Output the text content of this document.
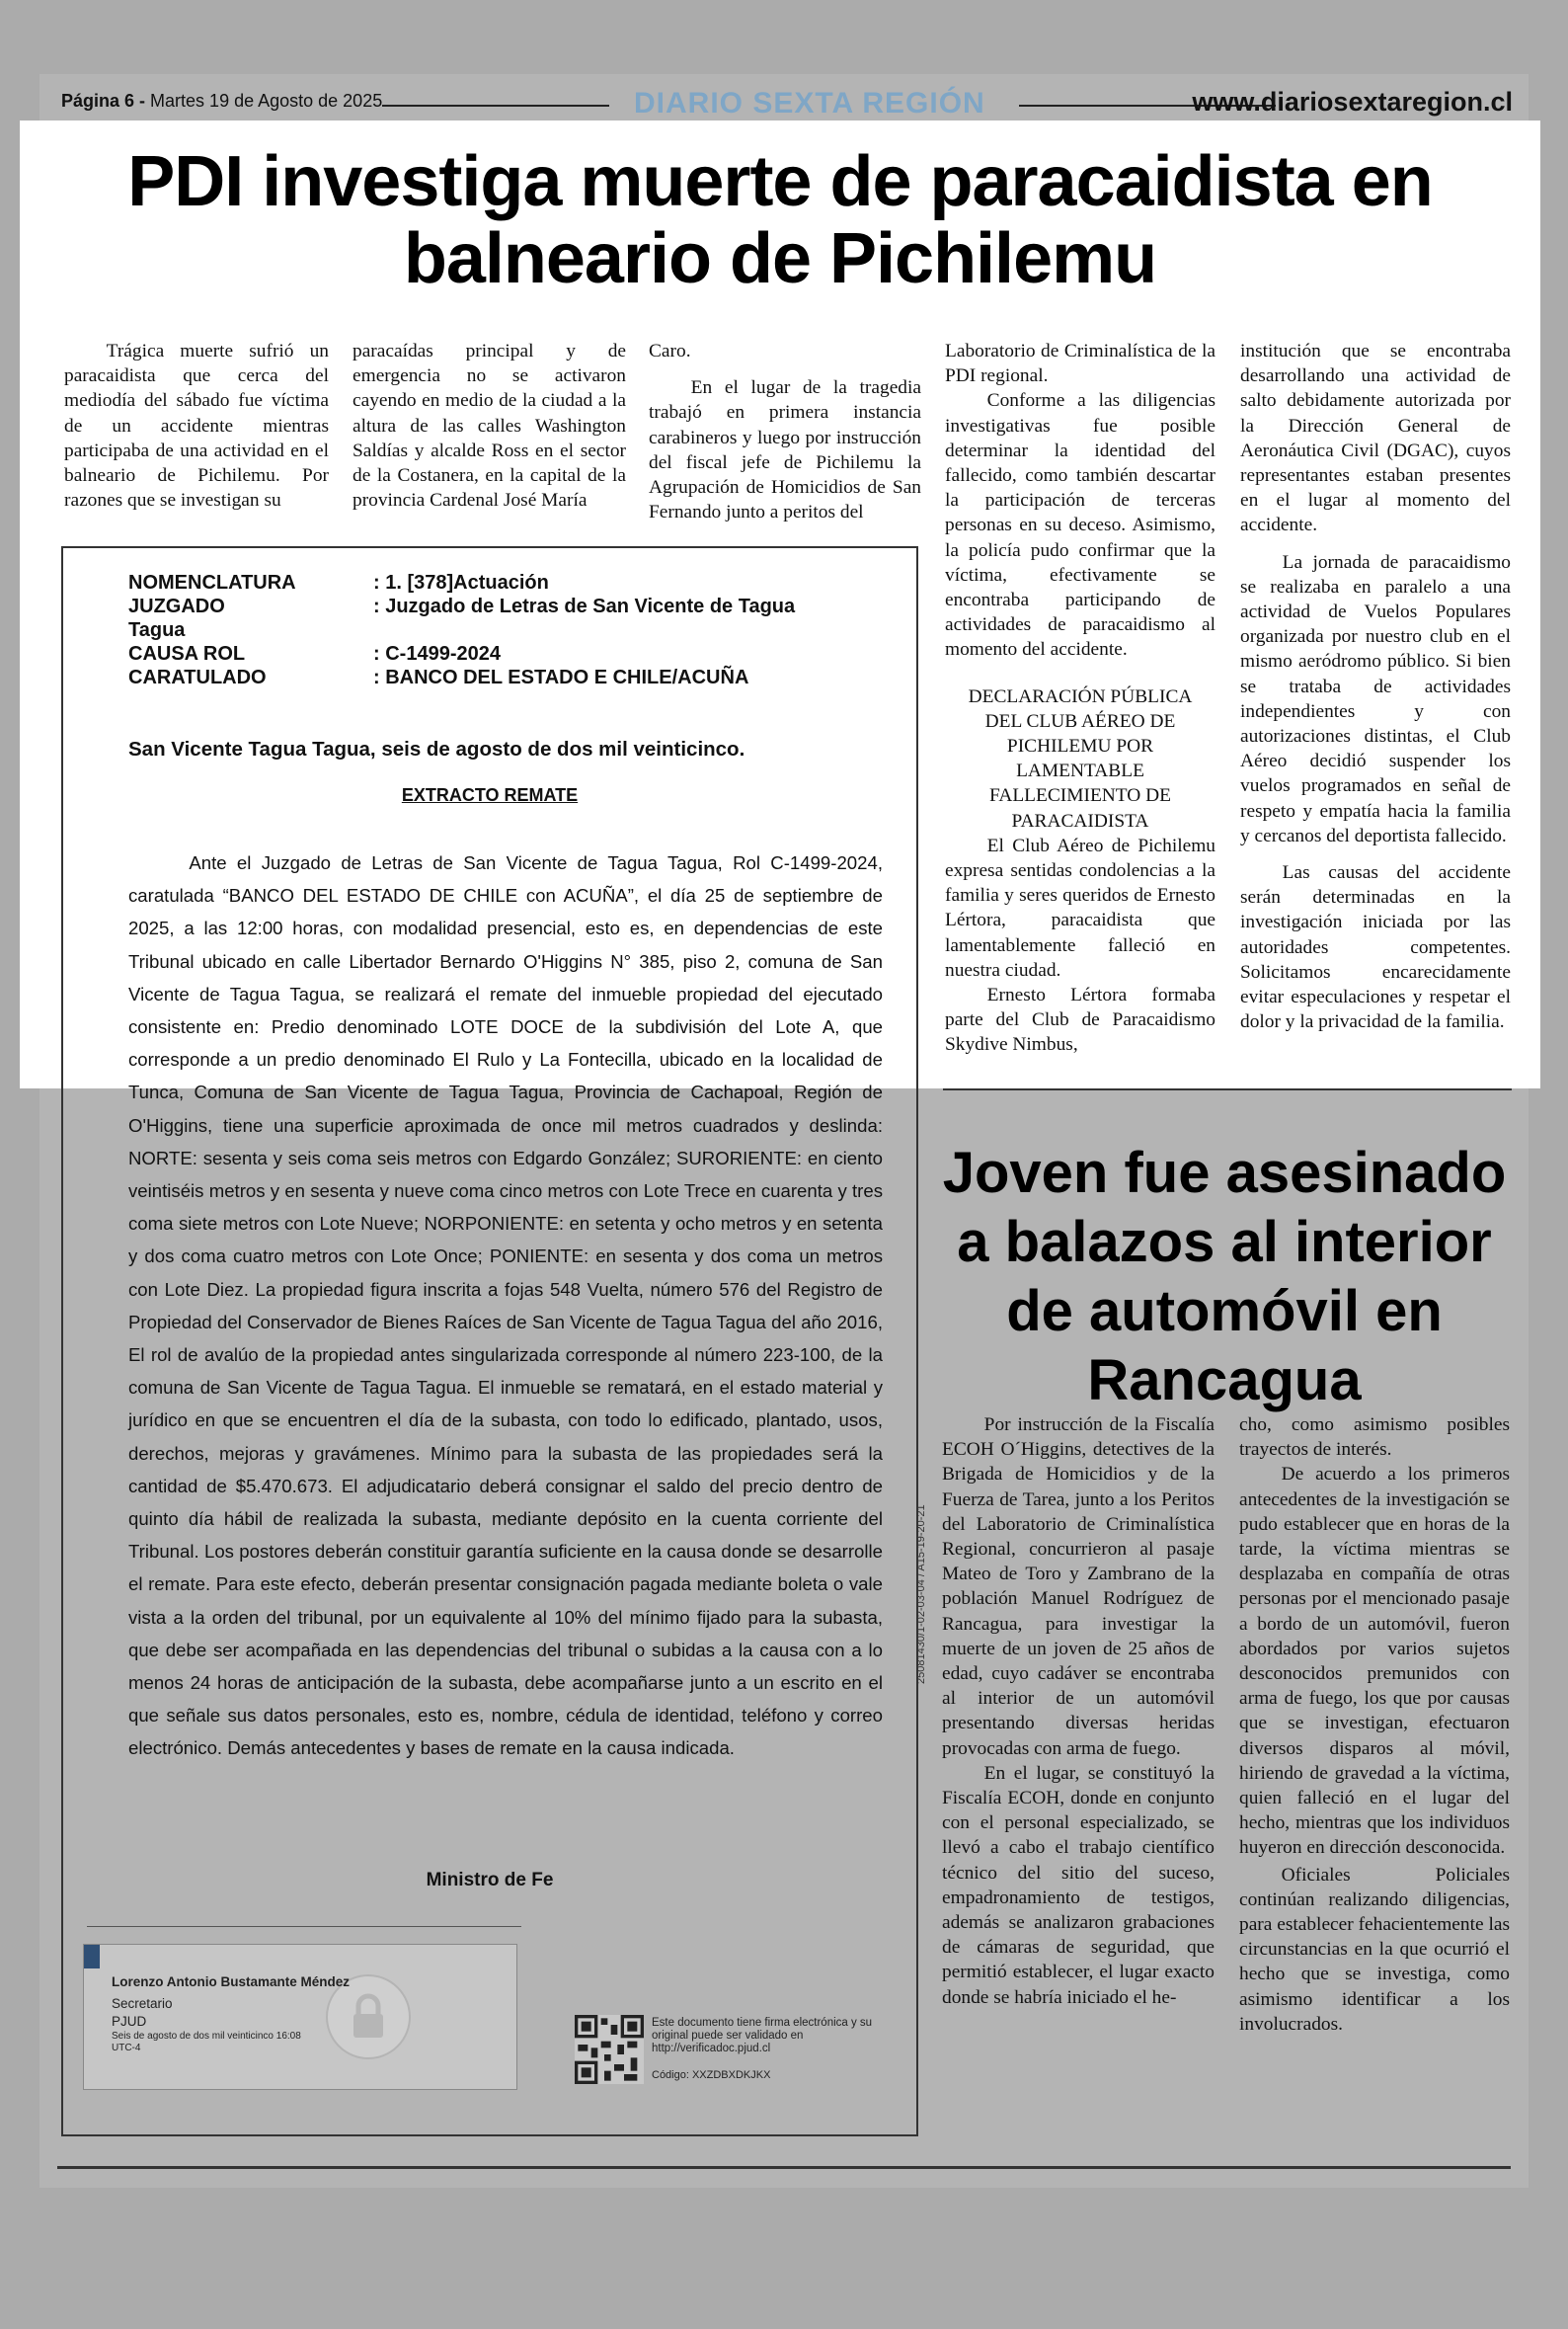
Página 6 - Martes 19 de Agosto de 2025	DIARIO SEXTA REGIÓN	www.diariosextaregion.cl
PDI investiga muerte de paracaidista en balneario de Pichilemu

Trágica muerte sufrió un paracaidista que cerca del mediodía del sábado fue víctima de un accidente mientras participaba de una actividad en el balneario de Pichilemu. Por razones que se investigan su

paracaídas principal y de emergencia no se activaron cayendo en medio de la ciudad a la altura de las calles Washington Saldías y alcalde Ross en el sector de la Costanera, en la capital de la provincia Cardenal José María

Caro.

En el lugar de la tragedia trabajó en primera instancia carabineros y luego por instrucción del fiscal jefe de Pichilemu la Agrupación de Homicidios de San Fernando junto a peritos del

Laboratorio de Criminalística de la PDI regional.

Conforme a las diligencias investigativas fue posible determinar la identidad del fallecido, como también descartar la participación de terceras personas en su deceso. Asimismo, la policía pudo confirmar que la víctima, efectivamente se encontraba participando de actividades de paracaidismo al momento del accidente.

DECLARACIÓN PÚBLICA DEL CLUB AÉREO DE PICHILEMU POR LAMENTABLE FALLECIMIENTO DE PARACAIDISTA

El Club Aéreo de Pichilemu expresa sentidas condolencias a la familia y seres queridos de Ernesto Lértora, paracaidista que lamentablemente falleció en nuestra ciudad.

Ernesto Lértora formaba parte del Club de Paracaidismo Skydive Nimbus,

institución que se encontraba desarrollando una actividad de salto debidamente autorizada por la Dirección General de Aeronáutica Civil (DGAC), cuyos representantes estaban presentes en el lugar al momento del accidente.

La jornada de paracaidismo se realizaba en paralelo a una actividad de Vuelos Populares organizada por nuestro club en el mismo aeródromo público. Si bien se trataba de actividades independientes y con autorizaciones distintas, el Club Aéreo decidió suspender los vuelos programados en señal de respeto y empatía hacia la familia y cercanos del deportista fallecido.

Las causas del accidente serán determinadas en la investigación iniciada por las autoridades competentes. Solicitamos encarecidamente evitar especulaciones y respetar el dolor y la privacidad de la familia.

NOMENCLATURA	: 1. [378]Actuación
JUZGADO	: Juzgado de Letras de San Vicente de Tagua
Tagua
CAUSA ROL	: C-1499-2024
CARATULADO	: BANCO DEL ESTADO E CHILE/ACUÑA
San Vicente Tagua Tagua, seis de agosto de dos mil veinticinco.
EXTRACTO REMATE

Ante el Juzgado de Letras de San Vicente de Tagua Tagua, Rol C-1499-2024, caratulada “BANCO DEL ESTADO DE CHILE con ACUÑA”, el día 25 de septiembre de 2025, a las 12:00 horas, con modalidad presencial, esto es, en dependencias de este Tribunal ubicado en calle Libertador Bernardo O'Higgins N° 385, piso 2, comuna de San Vicente de Tagua Tagua, se realizará el remate del inmueble propiedad del ejecutado consistente en: Predio denominado LOTE DOCE de la subdivisión del Lote A, que corresponde a un predio denominado El Rulo y La Fontecilla, ubicado en la localidad de Tunca, Comuna de San Vicente de Tagua Tagua, Provincia de Cachapoal, Región de O'Higgins, tiene una superficie aproximada de once mil metros cuadrados y deslinda: NORTE: sesenta y seis coma seis metros con Edgardo González; SURORIENTE: en ciento veintiséis metros y en sesenta y nueve coma cinco metros con Lote Trece en cuarenta y tres coma siete metros con Lote Nueve; NORPONIENTE: en setenta y ocho metros y en setenta y dos coma cuatro metros con Lote Once; PONIENTE: en sesenta y dos coma un metros con Lote Diez. La propiedad figura inscrita a fojas 548 Vuelta, número 576 del Registro de Propiedad del Conservador de Bienes Raíces de San Vicente de Tagua Tagua del año 2016, El rol de avalúo de la propiedad antes singularizada corresponde al número 223-100, de la comuna de San Vicente de Tagua Tagua. El inmueble se rematará, en el estado material y jurídico en que se encuentren el día de la subasta, con todo lo edificado, plantado, usos, derechos, mejoras y gravámenes. Mínimo para la subasta de las propiedades será la cantidad de $5.470.673. El adjudicatario deberá consignar el saldo del precio dentro de quinto día hábil de realizada la subasta, mediante depósito en la cuenta corriente del Tribunal. Los postores deberán constituir garantía suficiente en la causa donde se desarrolle el remate. Para este efecto, deberán presentar consignación pagada mediante boleta o vale vista a la orden del tribunal, por un equivalente al 10% del mínimo fijado para la subasta, que debe ser acompañada en las dependencias del tribunal o subidas a la causa con a lo menos 24 horas de anticipación de la subasta, debe acompañarse junto a un escrito en el que señale sus datos personales, esto es, nombre, cédula de identidad, teléfono y correo electrónico. Demás antecedentes y bases de remate en la causa indicada.

Ministro de Fe
Lorenzo Antonio Bustamante Méndez
Secretario
PJUD
Seis de agosto de dos mil veinticinco 16:08 UTC-4
Este documento tiene firma electrónica y su original puede ser validado en http://verificadoc.pjud.cl
Código: XXZDBXDKJKX
25081430/1-02-03-04 / A15-19-20-21
Joven fue asesinado a balazos al interior de automóvil en Rancagua

Por instrucción de la Fiscalía ECOH O´Higgins, detectives de la Brigada de Homicidios y de la Fuerza de Tarea, junto a los Peritos del Laboratorio de Criminalística Regional, concurrieron al pasaje Mateo de Toro y Zambrano de la población Manuel Rodríguez de Rancagua, para investigar la muerte de un joven de 25 años de edad, cuyo cadáver se encontraba al interior de un automóvil presentando diversas heridas provocadas con arma de fuego.

En el lugar, se constituyó la Fiscalía ECOH, donde en conjunto con el personal especializado, se llevó a cabo el trabajo científico técnico del sitio del suceso, empadronamiento de testigos, además se analizaron grabaciones de cámaras de seguridad, que permitió establecer, el lugar exacto donde se habría iniciado el he-

cho, como asimismo posibles trayectos de interés.

De acuerdo a los primeros antecedentes de la investigación se pudo establecer que en horas de la tarde, la víctima mientras se desplazaba en compañía de otras personas por el mencionado pasaje a bordo de un automóvil, fueron abordados por varios sujetos desconocidos premunidos con arma de fuego, los que por causas que se investigan, efectuaron diversos disparos al móvil, hiriendo de gravedad a la víctima, quien falleció en el lugar del hecho, mientras que los individuos huyeron en dirección desconocida.

Oficiales Policiales continúan realizando diligencias, para establecer fehacientemente las circunstancias en la que ocurrió el hecho que se investiga, como asimismo identificar a los involucrados.
